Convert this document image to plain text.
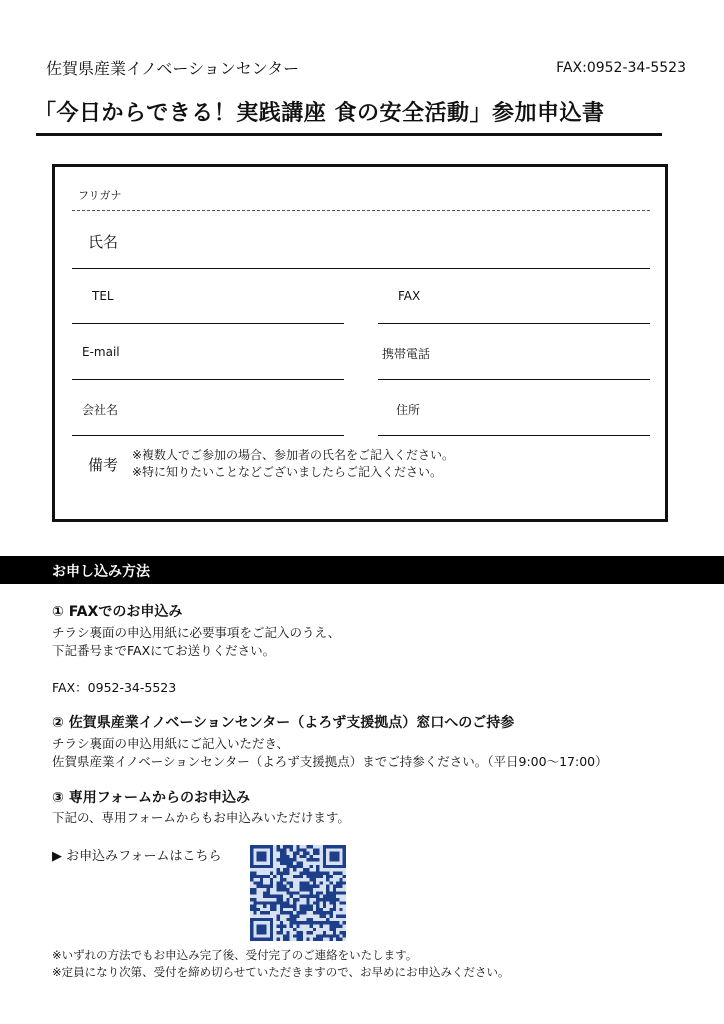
佐賀県産業イノベーションセンター	FAX:0952-34-5523
「今日からできる！実践講座 食の安全活動」参加申込書
フリガナ
氏名
TEL	FAX
E-mail	携帯電話
会社名	住所
備考
※複数人でご参加の場合、参加者の氏名をご記入ください。
※特に知りたいことなどございましたらご記入ください。
お申し込み方法
① FAXでのお申込み
チラシ裏面の申込用紙に必要事項をご記入のうえ、
下記番号までFAXにてお送りください。
FAX：0952-34-5523
② 佐賀県産業イノベーションセンター（よろず支援拠点）窓口へのご持参
チラシ裏面の申込用紙にご記入いただき、
佐賀県産業イノベーションセンター（よろず支援拠点）までご持参ください。（平日9:00～17:00）
③ 専用フォームからのお申込み
下記の、専用フォームからもお申込みいただけます。
▶ お申込みフォームはこちら
※いずれの方法でもお申込み完了後、受付完了のご連絡をいたします。
※定員になり次第、受付を締め切らせていただきますので、お早めにお申込みください。
